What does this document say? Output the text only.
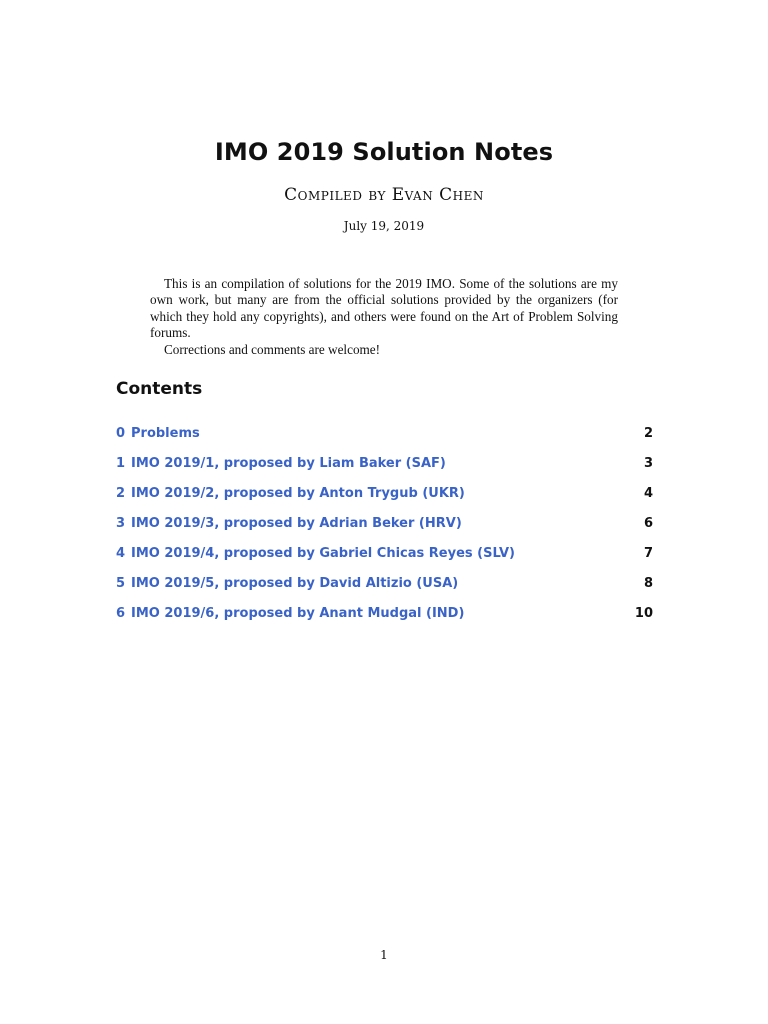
IMO 2019 Solution Notes
Compiled by Evan Chen
July 19, 2019

This is an compilation of solutions for the 2019 IMO. Some of the solutions are my own work, but many are from the official solutions provided by the organizers (for which they hold any copyrights), and others were found on the Art of Problem Solving forums.

Corrections and comments are welcome!

Contents
0 Problems	2
1 IMO 2019/1, proposed by Liam Baker (SAF)	3
2 IMO 2019/2, proposed by Anton Trygub (UKR)	4
3 IMO 2019/3, proposed by Adrian Beker (HRV)	6
4 IMO 2019/4, proposed by Gabriel Chicas Reyes (SLV)	7
5 IMO 2019/5, proposed by David Altizio (USA)	8
6 IMO 2019/6, proposed by Anant Mudgal (IND)	10
1
